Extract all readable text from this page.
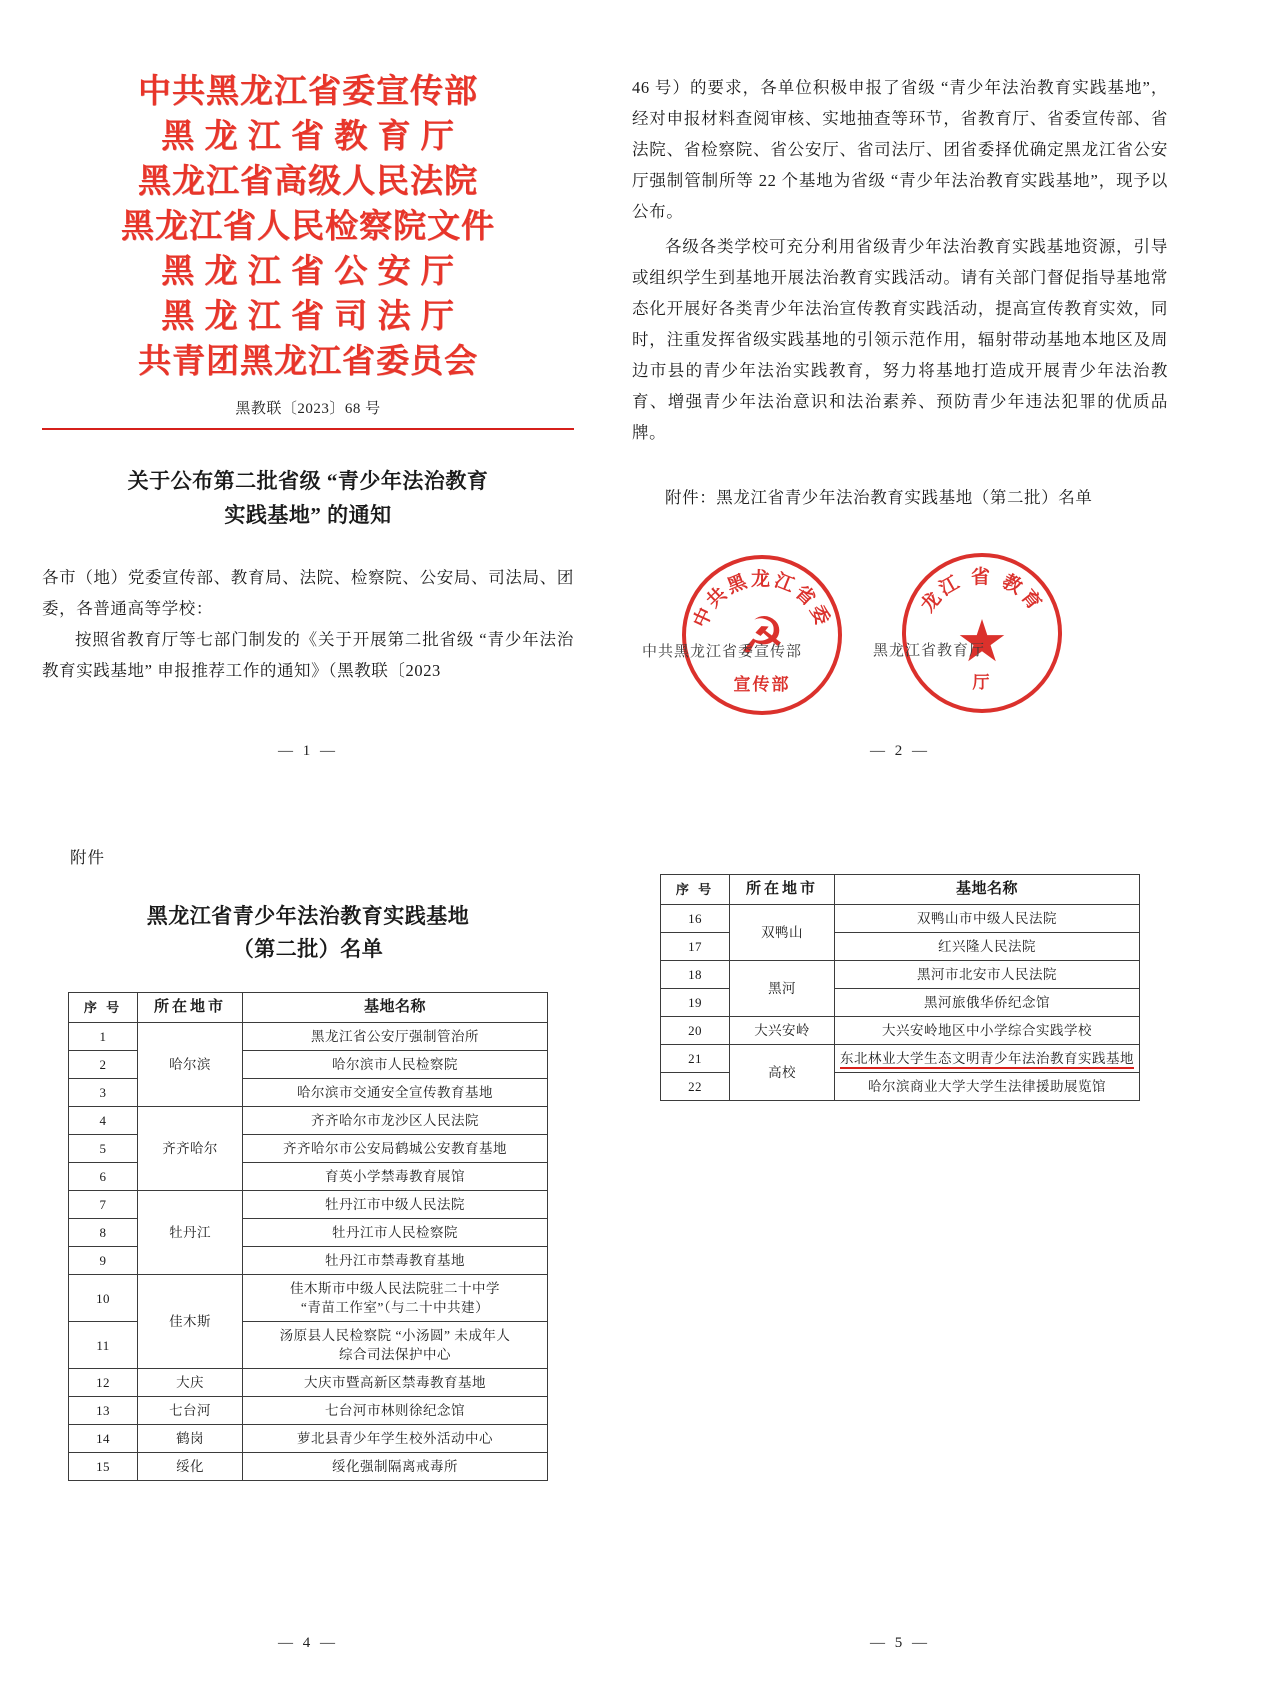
中共黑龙江省委宣传部
黑 龙 江 省 教 育 厅
黑龙江省高级人民法院
黑龙江省人民检察院文件
黑 龙 江 省 公 安 厅
黑 龙 江 省 司 法 厅
共青团黑龙江省委员会
黑教联〔2023〕68 号
关于公布第二批省级 “青少年法治教育
实践基地” 的通知
各市（地）党委宣传部、教育局、法院、检察院、公安局、司法局、团委，各普通高等学校：
按照省教育厅等七部门制发的《关于开展第二批省级 “青少年法治教育实践基地” 申报推荐工作的通知》（黑教联〔2023
— 1 —
46 号）的要求，各单位积极申报了省级 “青少年法治教育实践基地”，经对申报材料查阅审核、实地抽查等环节，省教育厅、省委宣传部、省法院、省检察院、省公安厅、省司法厅、团省委择优确定黑龙江省公安厅强制管制所等 22 个基地为省级 “青少年法治教育实践基地”，现予以公布。
各级各类学校可充分利用省级青少年法治教育实践基地资源，引导或组织学生到基地开展法治教育实践活动。请有关部门督促指导基地常态化开展好各类青少年法治宣传教育实践活动，提高宣传教育实效，同时，注重发挥省级实践基地的引领示范作用，辐射带动基地本地区及周边市县的青少年法治实践教育，努力将基地打造成开展青少年法治教育、增强青少年法治意识和法治素养、预防青少年违法犯罪的优质品牌。
附件：黑龙江省青少年法治教育实践基地（第二批）名单
中共黑龙江省委
☭
宣传部
中共黑龙江省委宣传部
龙江 省 教育
★
厅
黑龙江省教育厅
— 2 —
附件
黑龙江省青少年法治教育实践基地
（第二批）名单
序 号	所在地市	基地名称
1	哈尔滨	黑龙江省公安厅强制管治所
2		哈尔滨市人民检察院
3		哈尔滨市交通安全宣传教育基地
4	齐齐哈尔	齐齐哈尔市龙沙区人民法院
5		齐齐哈尔市公安局鹤城公安教育基地
6		育英小学禁毒教育展馆
7	牡丹江	牡丹江市中级人民法院
8		牡丹江市人民检察院
9		牡丹江市禁毒教育基地
10	佳木斯	佳木斯市中级人民法院驻二十中学
“青苗工作室”（与二十中共建）
11		汤原县人民检察院 “小汤圆” 未成年人
综合司法保护中心
12	大庆	大庆市暨高新区禁毒教育基地
13	七台河	七台河市林则徐纪念馆
14	鹤岗	萝北县青少年学生校外活动中心
15	绥化	绥化强制隔离戒毒所
— 4 —
序 号	所在地市	基地名称
16	双鸭山	双鸭山市中级人民法院
17		红兴隆人民法院
18	黑河	黑河市北安市人民法院
19		黑河旅俄华侨纪念馆
20	大兴安岭	大兴安岭地区中小学综合实践学校
21	高校	东北林业大学生态文明青少年法治教育实践基地
22		哈尔滨商业大学大学生法律援助展览馆
— 5 —
